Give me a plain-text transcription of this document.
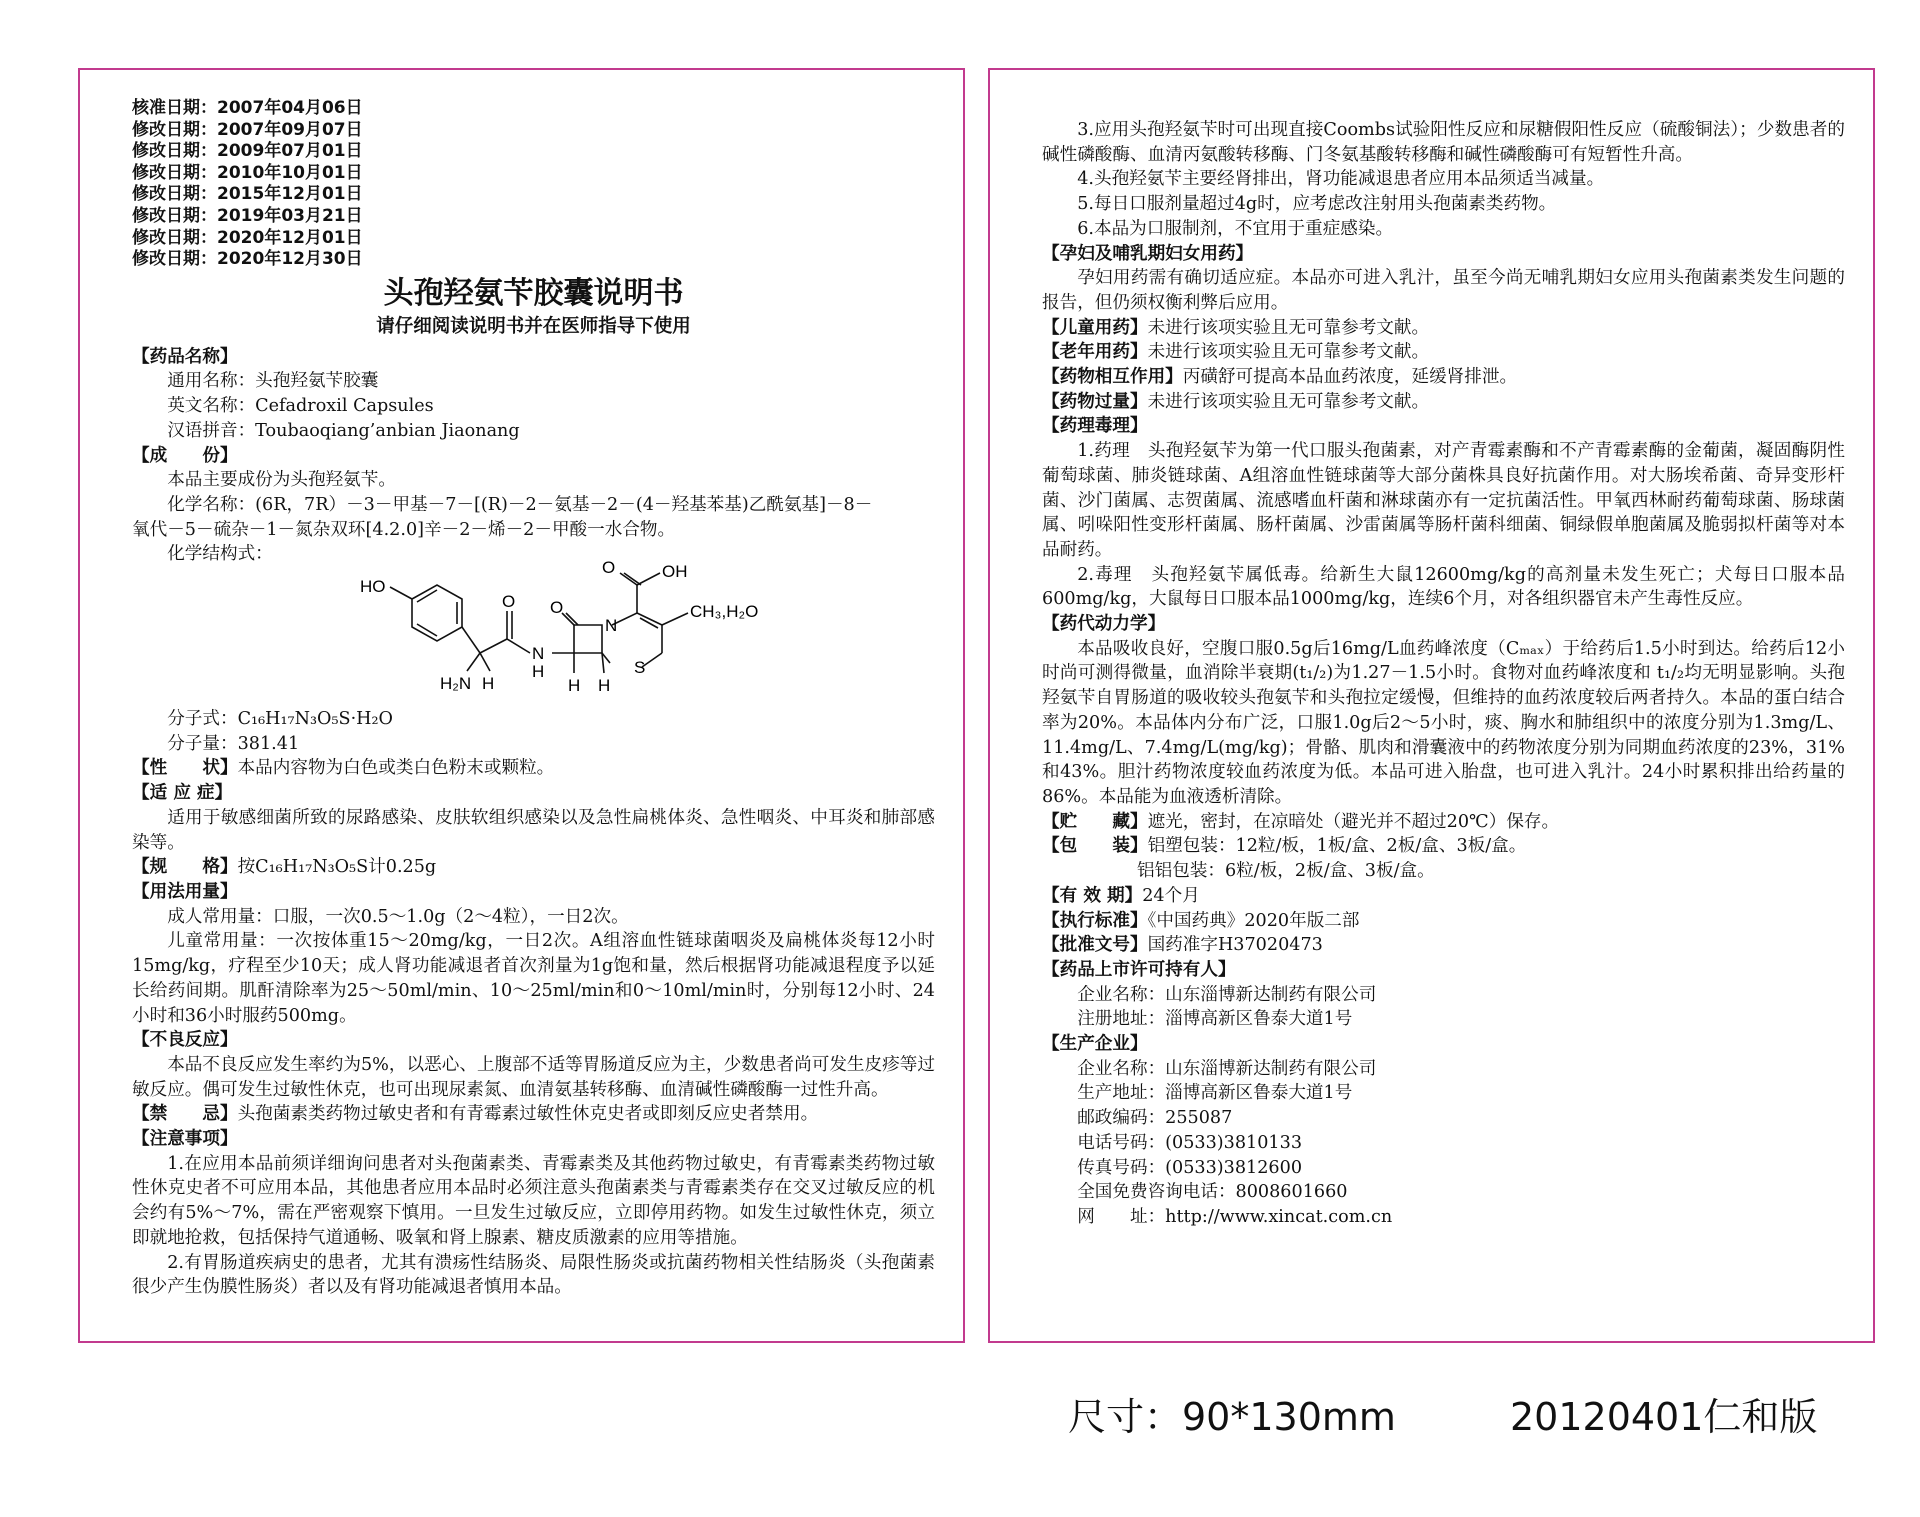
核准日期：2007年04月06日
修改日期：2007年09月07日
修改日期：2009年07月01日
修改日期：2010年10月01日
修改日期：2015年12月01日
修改日期：2019年03月21日
修改日期：2020年12月01日
修改日期：2020年12月30日
头孢羟氨苄胶囊说明书
请仔细阅读说明书并在医师指导下使用
【药品名称】
通用名称：头孢羟氨苄胶囊
英文名称：Cefadroxil Capsules
汉语拼音：Toubaoqiang’anbian Jiaonang
【成　　份】
本品主要成份为头孢羟氨苄。
化学名称：(6R，7R）－3－甲基－7－[(R)－2－氨基－2－(4－羟基苯基)乙酰氨基]－8－
氧代－5－硫杂－1－氮杂双环[4.2.0]辛－2－烯－2－甲酸一水合物。
化学结构式：
HO
O
O	OH
O
N
N
H
H₂N H	H H
S
CH₃,H₂O
分子式：C₁₆H₁₇N₃O₅S·H₂O
分子量：381.41
【性　　状】本品内容物为白色或类白色粉末或颗粒。
【适 应 症】
适用于敏感细菌所致的尿路感染、皮肤软组织感染以及急性扁桃体炎、急性咽炎、中耳炎和肺部感染等。
【规　　格】按C₁₆H₁₇N₃O₅S计0.25g
【用法用量】
成人常用量：口服，一次0.5～1.0g（2～4粒），一日2次。
儿童常用量：一次按体重15～20mg/kg，一日2次。A组溶血性链球菌咽炎及扁桃体炎每12小时15mg/kg，疗程至少10天；成人肾功能减退者首次剂量为1g饱和量，然后根据肾功能减退程度予以延长给药间期。肌酐清除率为25～50ml/min、10～25ml/min和0～10ml/min时，分别每12小时、24小时和36小时服药500mg。
【不良反应】
本品不良反应发生率约为5%，以恶心、上腹部不适等胃肠道反应为主，少数患者尚可发生皮疹等过敏反应。偶可发生过敏性休克，也可出现尿素氮、血清氨基转移酶、血清碱性磷酸酶一过性升高。
【禁　　忌】头孢菌素类药物过敏史者和有青霉素过敏性休克史者或即刻反应史者禁用。
【注意事项】
1.在应用本品前须详细询问患者对头孢菌素类、青霉素类及其他药物过敏史，有青霉素类药物过敏性休克史者不可应用本品，其他患者应用本品时必须注意头孢菌素类与青霉素类存在交叉过敏反应的机会约有5%～7%，需在严密观察下慎用。一旦发生过敏反应，立即停用药物。如发生过敏性休克，须立即就地抢救，包括保持气道通畅、吸氧和肾上腺素、糖皮质激素的应用等措施。
2.有胃肠道疾病史的患者，尤其有溃疡性结肠炎、局限性肠炎或抗菌药物相关性结肠炎（头孢菌素很少产生伪膜性肠炎）者以及有肾功能减退者慎用本品。
3.应用头孢羟氨苄时可出现直接Coombs试验阳性反应和尿糖假阳性反应（硫酸铜法）；少数患者的碱性磷酸酶、血清丙氨酸转移酶、门冬氨基酸转移酶和碱性磷酸酶可有短暂性升高。
4.头孢羟氨苄主要经肾排出，肾功能减退患者应用本品须适当减量。
5.每日口服剂量超过4g时，应考虑改注射用头孢菌素类药物。
6.本品为口服制剂，不宜用于重症感染。
【孕妇及哺乳期妇女用药】
孕妇用药需有确切适应症。本品亦可进入乳汁，虽至今尚无哺乳期妇女应用头孢菌素类发生问题的报告，但仍须权衡利弊后应用。
【儿童用药】未进行该项实验且无可靠参考文献。
【老年用药】未进行该项实验且无可靠参考文献。
【药物相互作用】丙磺舒可提高本品血药浓度，延缓肾排泄。
【药物过量】未进行该项实验且无可靠参考文献。
【药理毒理】
1.药理　头孢羟氨苄为第一代口服头孢菌素，对产青霉素酶和不产青霉素酶的金葡菌，凝固酶阴性葡萄球菌、肺炎链球菌、A组溶血性链球菌等大部分菌株具良好抗菌作用。对大肠埃希菌、奇异变形杆菌、沙门菌属、志贺菌属、流感嗜血杆菌和淋球菌亦有一定抗菌活性。甲氧西林耐药葡萄球菌、肠球菌属、吲哚阳性变形杆菌属、肠杆菌属、沙雷菌属等肠杆菌科细菌、铜绿假单胞菌属及脆弱拟杆菌等对本品耐药。
2.毒理　头孢羟氨苄属低毒。给新生大鼠12600mg/kg的高剂量未发生死亡；犬每日口服本品600mg/kg，大鼠每日口服本品1000mg/kg，连续6个月，对各组织器官未产生毒性反应。
【药代动力学】
本品吸收良好，空腹口服0.5g后16mg/L血药峰浓度（Cₘₐₓ）于给药后1.5小时到达。给药后12小时尚可测得微量，血消除半衰期(t₁/₂)为1.27－1.5小时。食物对血药峰浓度和 t₁/₂均无明显影响。头孢羟氨苄自胃肠道的吸收较头孢氨苄和头孢拉定缓慢，但维持的血药浓度较后两者持久。本品的蛋白结合率为20%。本品体内分布广泛，口服1.0g后2～5小时，痰、胸水和肺组织中的浓度分别为1.3mg/L、11.4mg/L、7.4mg/L(mg/kg)；骨骼、肌肉和滑囊液中的药物浓度分别为同期血药浓度的23%，31%和43%。胆汁药物浓度较血药浓度为低。本品可进入胎盘，也可进入乳汁。24小时累积排出给药量的86%。本品能为血液透析清除。
【贮　　藏】遮光，密封，在凉暗处（避光并不超过20℃）保存。
【包　　装】铝塑包装：12粒/板，1板/盒、2板/盒、3板/盒。
铝铝包装：6粒/板，2板/盒、3板/盒。
【有 效 期】24个月
【执行标准】《中国药典》2020年版二部
【批准文号】国药准字H37020473
【药品上市许可持有人】
企业名称：山东淄博新达制药有限公司
注册地址：淄博高新区鲁泰大道1号
【生产企业】
企业名称：山东淄博新达制药有限公司
生产地址：淄博高新区鲁泰大道1号
邮政编码：255087
电话号码：(0533)3810133
传真号码：(0533)3812600
全国免费咨询电话：8008601660
网　　址：http://www.xincat.com.cn
尺寸：90*130mm	20120401仁和版
